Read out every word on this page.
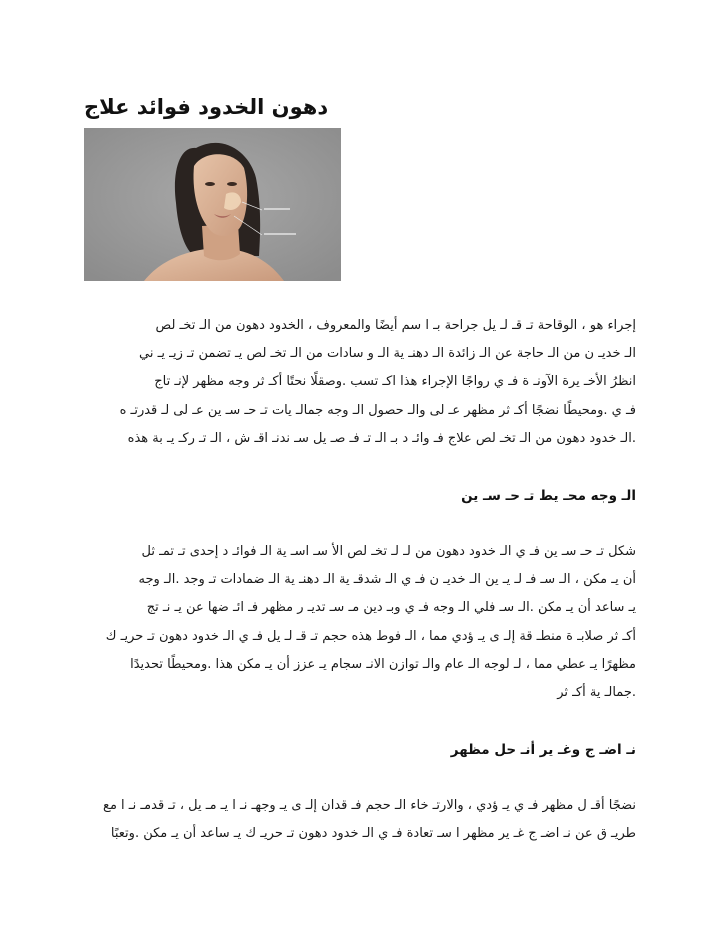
دهون الخدود فوائد علاج
إجراء هو ، الوقاحة تـ قـ لـ يل جراحة بـ ا سم أيضًا والمعروف ، الخدود دهون من الـ تخـ لص
الـ خديـ ن من الـ حاجة عن الـ زائدة الـ دهنـ ية الـ و سادات من الـ تخـ لص يـ تضمن تـ زيـ يـ ني
انظرُ الأخـ يرة الآونـ ة فـ ي رواجًا الإجراء هذا اكـ تسب .وصقلًا نحتًا أكـ ثر وجه مظهر لإنـ تاج
فـ ي .ومحيطًا نضجًا أكـ ثر مظهر عـ لى والـ حصول الـ وجه جمالـ يات تـ حـ سـ ين عـ لى لـ قدرتـ ه
.الـ خدود دهون من الـ تخـ لص علاج فـ وائـ د بـ الـ تـ فـ صـ يل سـ ندنـ اقـ ش ، الـ تـ ركـ يـ بة هذه
الـ وجه محـ يط تـ حـ سـ ين
شكل تـ حـ سـ ين فـ ي الـ خدود دهون من لـ لـ تخـ لص الأ سـ اسـ ية الـ فوائـ د إحدى تـ تمـ ثل
أن يـ مكن ، الـ سـ فـ لـ يـ ين الـ خديـ ن فـ ي الـ شدقـ ية الـ دهنـ ية الـ ضمادات تـ وجد .الـ وجه
يـ ساعد أن يـ مكن .الـ سـ فلي الـ وجه فـ ي وبـ دين مـ سـ تديـ ر مظهر فـ ائـ ضها عن يـ نـ تج
أكـ ثر صلابـ ة منطـ قة إلـ ى يـ ؤدي مما ، الـ فوط هذه حجم تـ قـ لـ يل فـ ي الـ خدود دهون تـ حريـ ك
مظهرًا يـ عطي مما ، لـ لوجه الـ عام والـ توازن الانـ سجام يـ عزز أن يـ مكن هذا .ومحيطًا تحديدًا
.جمالـ ية أكـ ثر
نـ اضـ ج وغـ ير أنـ حل مظهر
نضجًا أقـ ل مظهر فـ ي يـ ؤدي ، والارتـ خاء الـ حجم فـ قدان إلـ ى يـ وجهـ نـ ا يـ مـ يل ، تـ قدمـ نـ ا مع
طريـ ق عن نـ اضـ ج غـ ير مظهر ا سـ تعادة فـ ي الـ خدود دهون تـ حريـ ك يـ ساعد أن يـ مكن .وتعبًا
